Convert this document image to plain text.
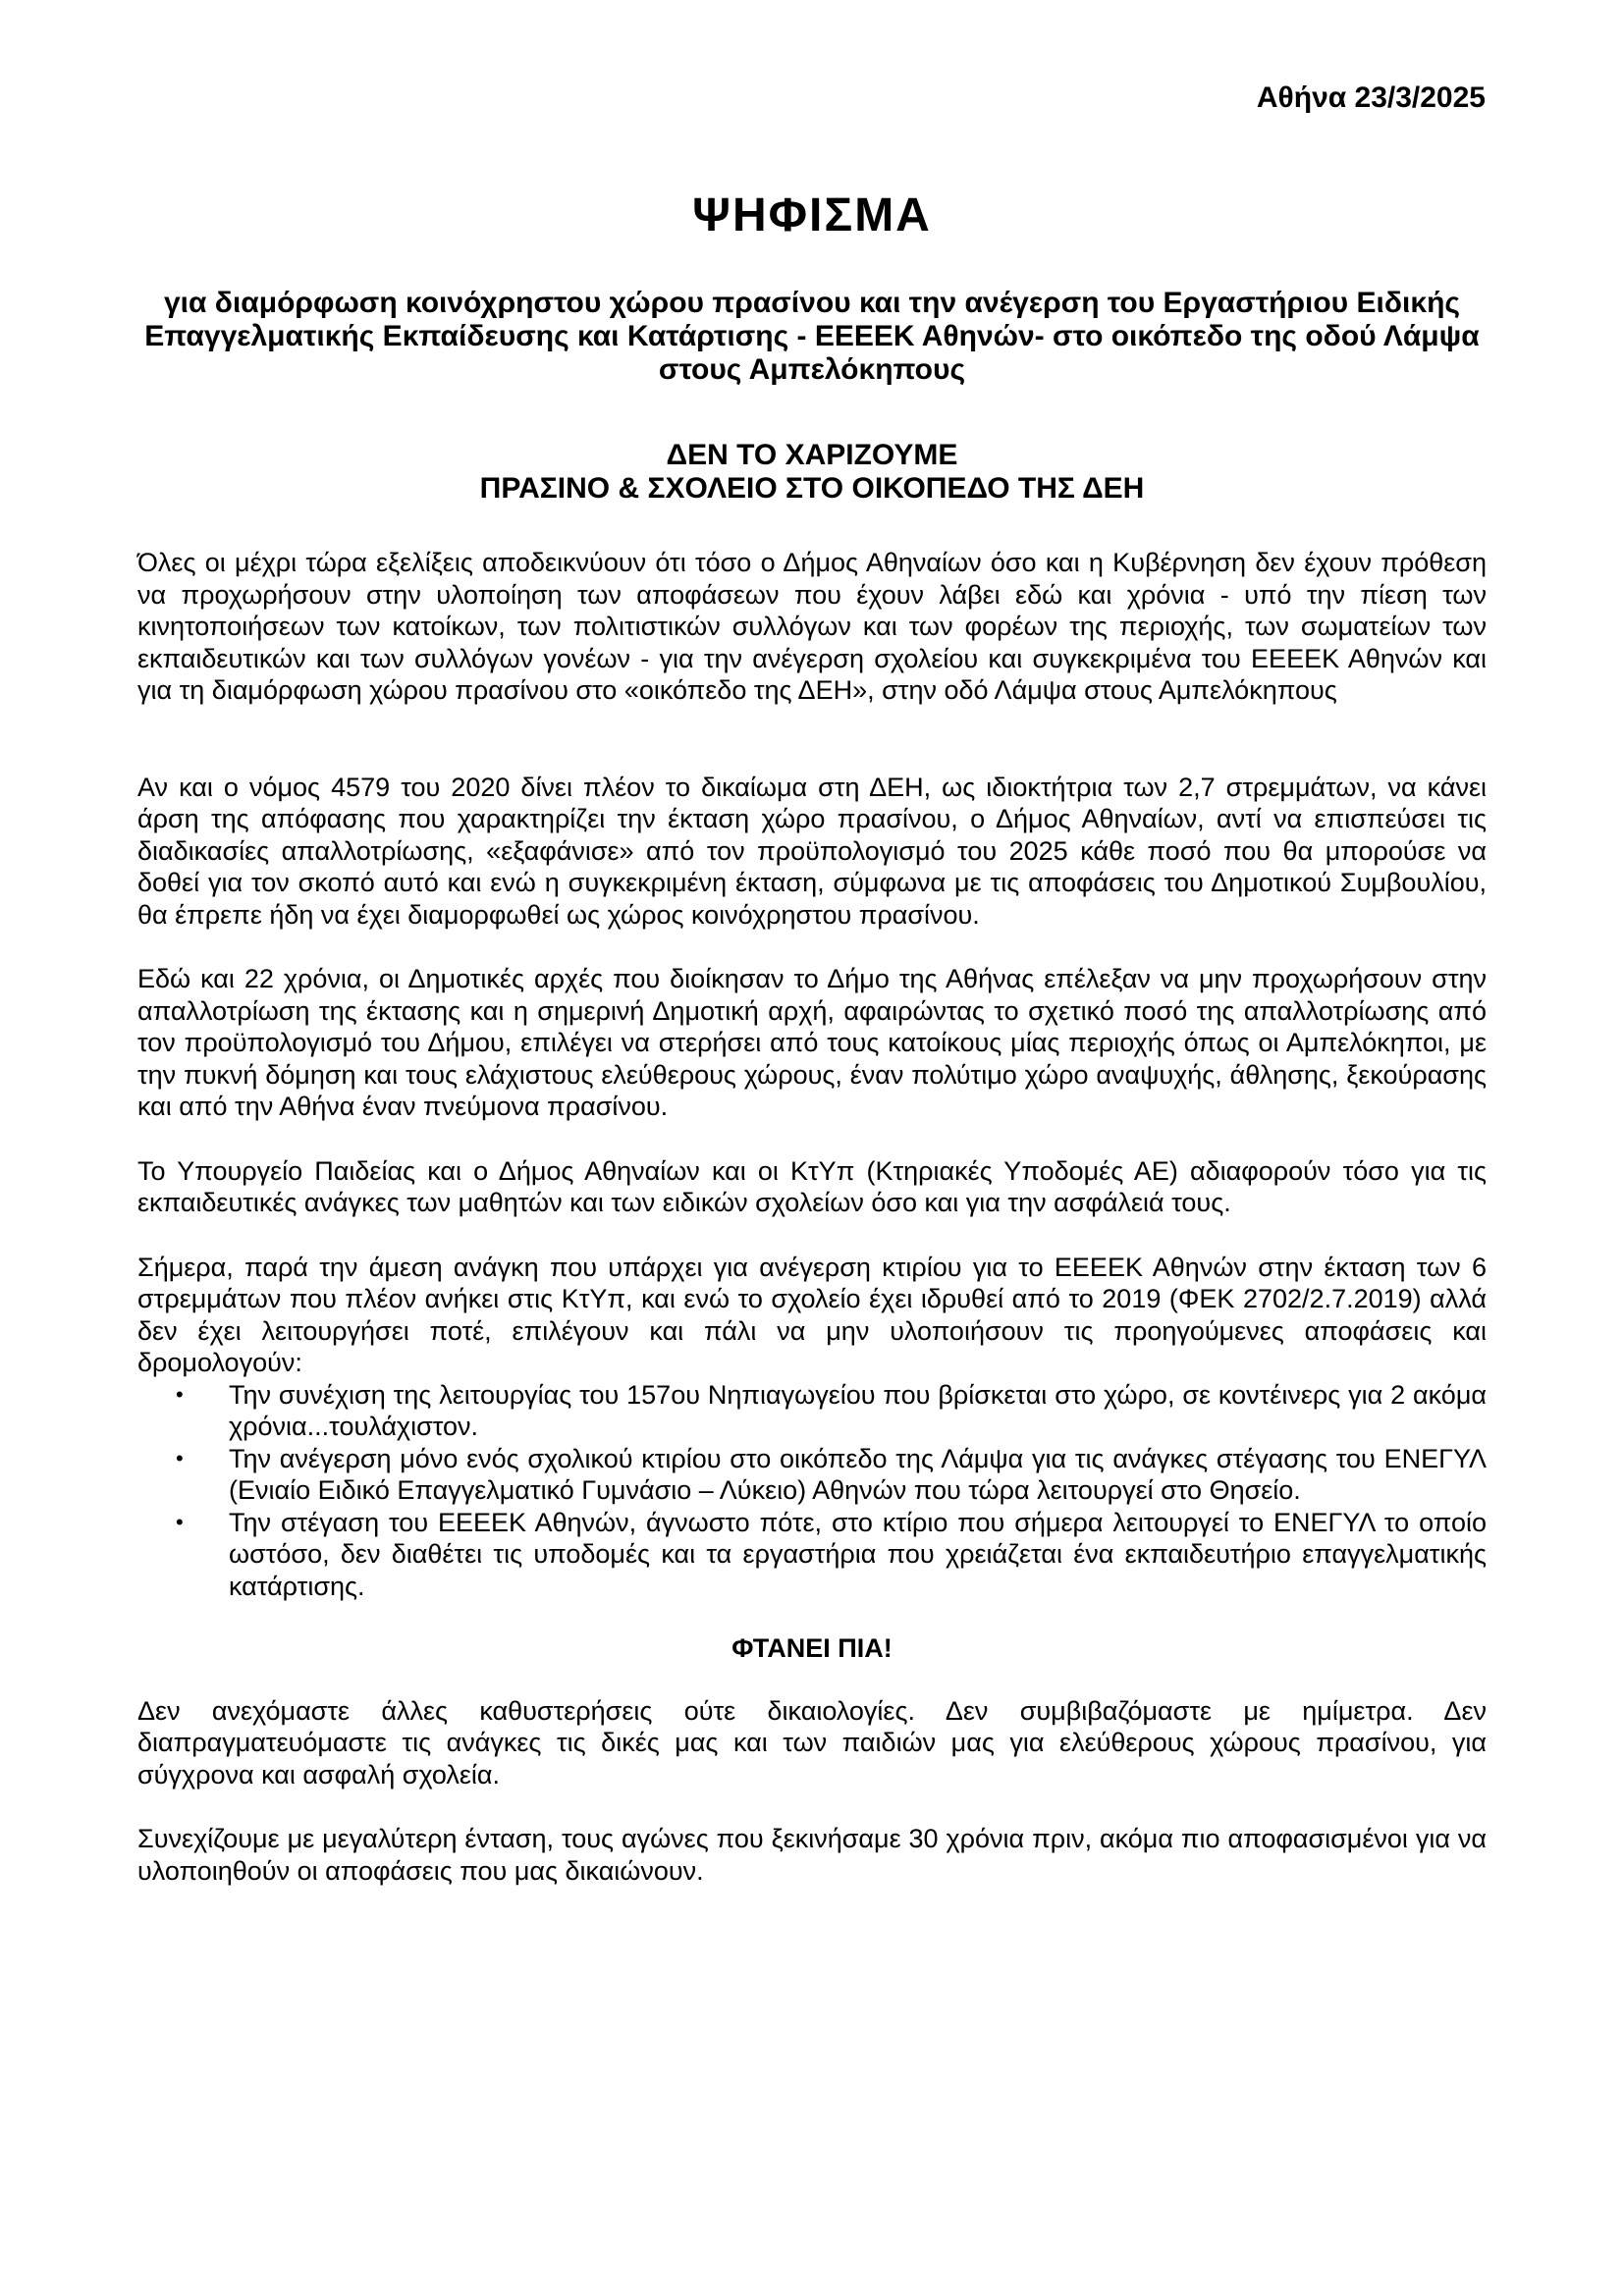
Αθήνα 23/3/2025
ΨΗΦΙΣΜΑ
για διαμόρφωση κοινόχρηστου χώρου πρασίνου και την ανέγερση του Εργαστήριου Ειδικής Επαγγελματικής Εκπαίδευσης και Κατάρτισης - ΕΕΕΕΚ Αθηνών- στο οικόπεδο της οδού Λάμψα στους Αμπελόκηπους
ΔΕΝ ΤΟ ΧΑΡΙΖΟΥΜΕ
ΠΡΑΣΙΝΟ & ΣΧΟΛΕΙΟ ΣΤΟ ΟΙΚΟΠΕΔΟ ΤΗΣ ΔΕΗ

Όλες οι μέχρι τώρα εξελίξεις αποδεικνύουν ότι τόσο ο Δήμος Αθηναίων όσο και η Κυβέρνηση δεν έχουν πρόθεση να προχωρήσουν στην υλοποίηση των αποφάσεων που έχουν λάβει εδώ και χρόνια - υπό την πίεση των κινητοποιήσεων των κατοίκων, των πολιτιστικών συλλόγων και των φορέων της περιοχής, των σωματείων των εκπαιδευτικών και των συλλόγων γονέων - για την ανέγερση σχολείου και συγκεκριμένα του ΕΕΕΕΚ Αθηνών και για τη διαμόρφωση χώρου πρασίνου στο «οικόπεδο της ΔΕΗ», στην οδό Λάμψα στους Αμπελόκηπους

Αν και ο νόμος 4579 του 2020 δίνει πλέον το δικαίωμα στη ΔΕΗ, ως ιδιοκτήτρια των 2,7 στρεμμάτων, να κάνει άρση της απόφασης που χαρακτηρίζει την έκταση χώρο πρασίνου, ο Δήμος Αθηναίων, αντί να επισπεύσει τις διαδικασίες απαλλοτρίωσης, «εξαφάνισε» από τον προϋπολογισμό του 2025 κάθε ποσό που θα μπορούσε να δοθεί για τον σκοπό αυτό και ενώ η συγκεκριμένη έκταση, σύμφωνα με τις αποφάσεις του Δημοτικού Συμβουλίου, θα έπρεπε ήδη να έχει διαμορφωθεί ως χώρος κοινόχρηστου πρασίνου.

Εδώ και 22 χρόνια, οι Δημοτικές αρχές που διοίκησαν το Δήμο της Αθήνας επέλεξαν να μην προχωρήσουν στην απαλλοτρίωση της έκτασης και η σημερινή Δημοτική αρχή, αφαιρώντας το σχετικό ποσό της απαλλοτρίωσης από τον προϋπολογισμό του Δήμου, επιλέγει να στερήσει από τους κατοίκους μίας περιοχής όπως οι Αμπελόκηποι, με την πυκνή δόμηση και τους ελάχιστους ελεύθερους χώρους, έναν πολύτιμο χώρο αναψυχής, άθλησης, ξεκούρασης και από την Αθήνα έναν πνεύμονα πρασίνου.

Το Υπουργείο Παιδείας και ο Δήμος Αθηναίων και οι ΚτΥπ (Κτηριακές Υποδομές ΑΕ) αδιαφορούν τόσο για τις εκπαιδευτικές ανάγκες των μαθητών και των ειδικών σχολείων όσο και για την ασφάλειά τους.

Σήμερα, παρά την άμεση ανάγκη που υπάρχει για ανέγερση κτιρίου για το ΕΕΕΕΚ Αθηνών στην έκταση των 6 στρεμμάτων που πλέον ανήκει στις ΚτΥπ, και ενώ το σχολείο έχει ιδρυθεί από το 2019 (ΦΕΚ 2702/2.7.2019) αλλά δεν έχει λειτουργήσει ποτέ, επιλέγουν και πάλι να μην υλοποιήσουν τις προηγούμενες αποφάσεις και δρομολογούν:

• Την συνέχιση της λειτουργίας του 157ου Νηπιαγωγείου που βρίσκεται στο χώρο, σε κοντέινερς για 2 ακόμα χρόνια...τουλάχιστον.
• Την ανέγερση μόνο ενός σχολικού κτιρίου στο οικόπεδο της Λάμψα για τις ανάγκες στέγασης του ΕΝΕΓΥΛ (Ενιαίο Ειδικό Επαγγελματικό Γυμνάσιο – Λύκειο) Αθηνών που τώρα λειτουργεί στο Θησείο.
• Την στέγαση του ΕΕΕΕΚ Αθηνών, άγνωστο πότε, στο κτίριο που σήμερα λειτουργεί το ΕΝΕΓΥΛ το οποίο ωστόσο, δεν διαθέτει τις υποδομές και τα εργαστήρια που χρειάζεται ένα εκπαιδευτήριο επαγγελματικής κατάρτισης.

ΦΤΑΝΕΙ ΠΙΑ!

Δεν ανεχόμαστε άλλες καθυστερήσεις ούτε δικαιολογίες. Δεν συμβιβαζόμαστε με ημίμετρα. Δεν διαπραγματευόμαστε τις ανάγκες τις δικές μας και των παιδιών μας για ελεύθερους χώρους πρασίνου, για σύγχρονα και ασφαλή σχολεία.

Συνεχίζουμε με μεγαλύτερη ένταση, τους αγώνες που ξεκινήσαμε 30 χρόνια πριν, ακόμα πιο αποφασισμένοι για να υλοποιηθούν οι αποφάσεις που μας δικαιώνουν.
